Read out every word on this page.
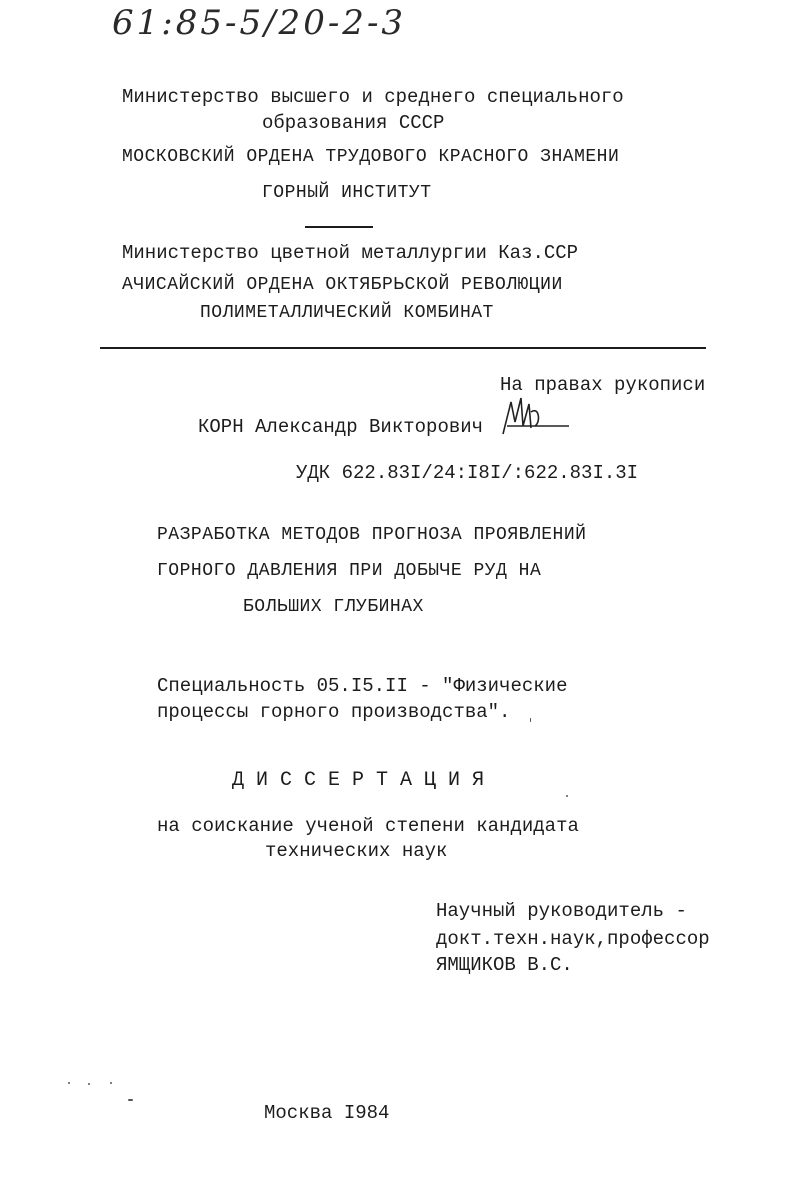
61:85-5/20-2-3
Министерство высшего и среднего специального
образования СССР
МОСКОВСКИЙ ОРДЕНА ТРУДОВОГО КРАСНОГО ЗНАМЕНИ
ГОРНЫЙ ИНСТИТУТ
Министерство цветной металлургии Каз.ССР
АЧИСАЙСКИЙ ОРДЕНА ОКТЯБРЬСКОЙ РЕВОЛЮЦИИ
ПОЛИМЕТАЛЛИЧЕСКИЙ КОМБИНАТ
На правах рукописи
КОРН Александр Викторович
УДК 622.83I/24:I8I/:622.83I.3I
РАЗРАБОТКА МЕТОДОВ ПРОГНОЗА ПРОЯВЛЕНИЙ
ГОРНОГО ДАВЛЕНИЯ ПРИ ДОБЫЧЕ РУД НА
БОЛЬШИХ ГЛУБИНАХ
Специальность 05.I5.II - "Физические
процессы горного производства".
Д И С С Е Р Т А Ц И Я
на соискание ученой степени кандидата
технических наук
Научный руководитель -
докт.техн.наук,профессор
ЯМЩИКОВ В.С.
Москва I984
